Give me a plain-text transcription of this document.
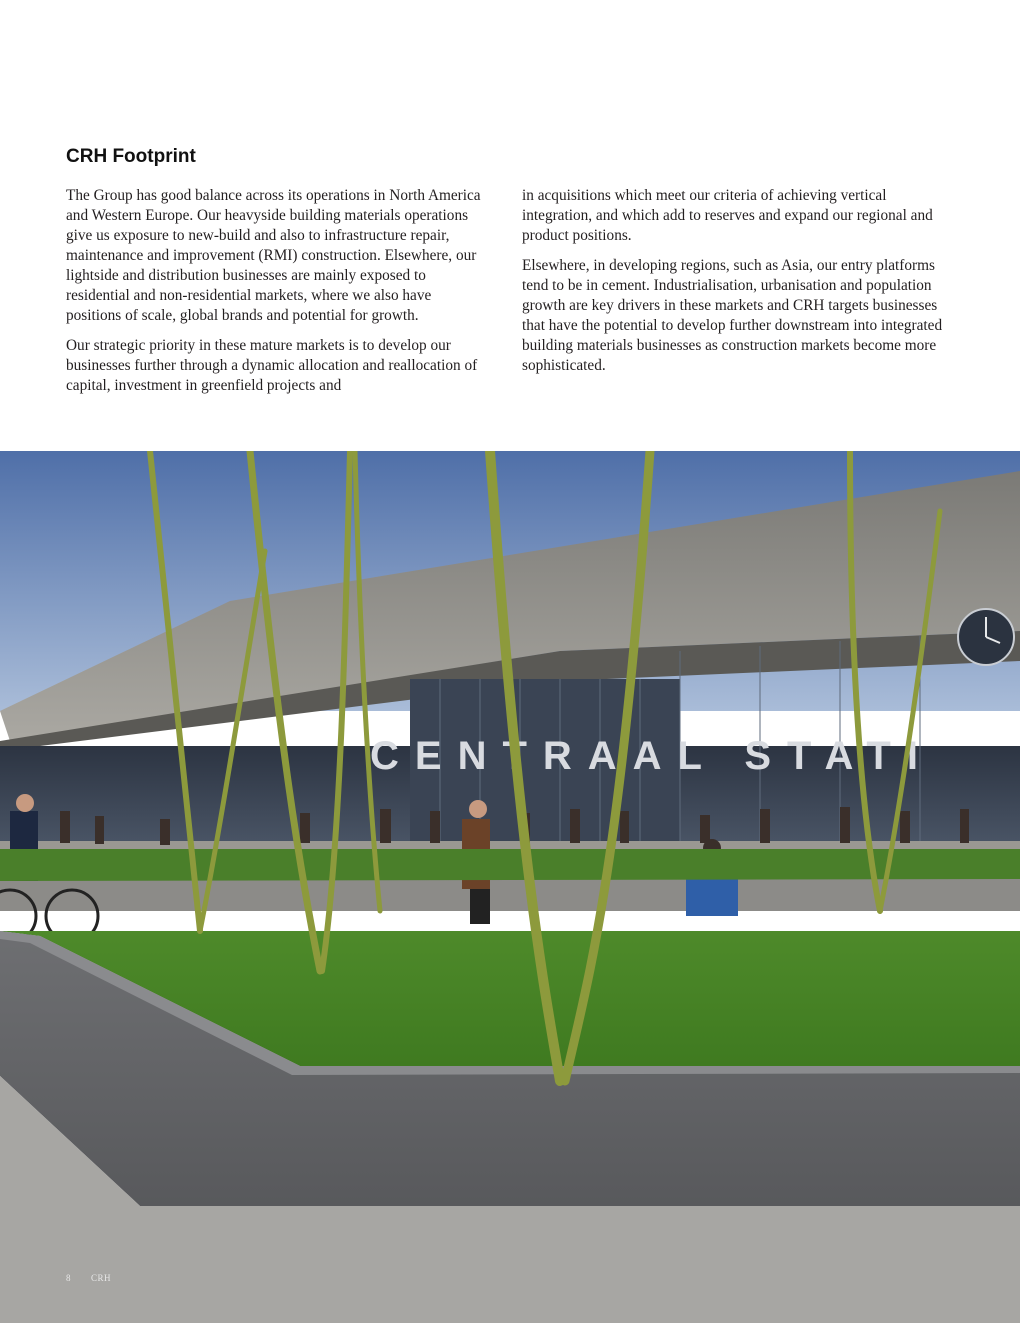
CRH Footprint

The Group has good balance across its operations in North America and Western Europe. Our heavyside building materials operations give us exposure to new-build and also to infrastructure repair, maintenance and improvement (RMI) construction. Elsewhere, our lightside and distribution businesses are mainly exposed to residential and non-residential markets, where we also have positions of scale, global brands and potential for growth.

Our strategic priority in these mature markets is to develop our businesses further through a dynamic allocation and reallocation of capital, investment in greenfield projects and

in acquisitions which meet our criteria of achieving vertical integration, and which add to reserves and expand our regional and product positions.

Elsewhere, in developing regions, such as Asia, our entry platforms tend to be in cement. Industrialisation, urbanisation and population growth are key drivers in these markets and CRH targets businesses that have the potential to develop further downstream into integrated building materials businesses as construction markets become more sophisticated.

CENTRAAL STATI
8 CRH
